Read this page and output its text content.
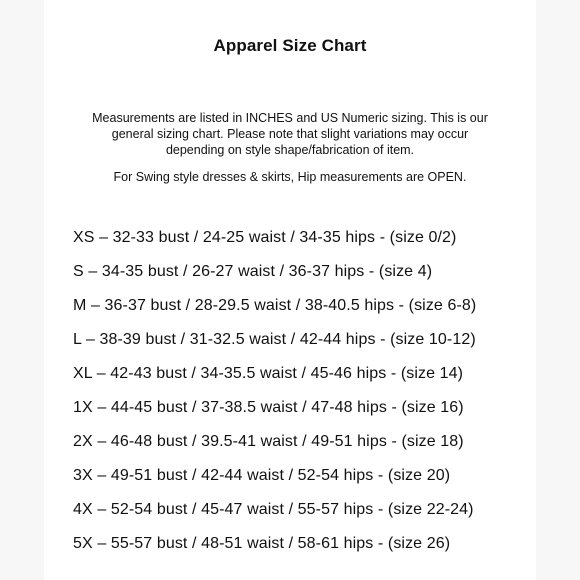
Apparel Size Chart

Measurements are listed in INCHES and US Numeric sizing. This is our

general sizing chart. Please note that slight variations may occur

depending on style shape/fabrication of item.

For Swing style dresses & skirts, Hip measurements are OPEN.
XS – 32-33 bust / 24-25 waist / 34-35 hips - (size 0/2)
S – 34-35 bust / 26-27 waist / 36-37 hips - (size 4)
M – 36-37 bust / 28-29.5 waist / 38-40.5 hips - (size 6-8)
L – 38-39 bust / 31-32.5 waist / 42-44 hips - (size 10-12)
XL – 42-43 bust / 34-35.5 waist / 45-46 hips - (size 14)
1X – 44-45 bust / 37-38.5 waist / 47-48 hips - (size 16)
2X – 46-48 bust / 39.5-41 waist / 49-51 hips - (size 18)
3X – 49-51 bust / 42-44 waist / 52-54 hips - (size 20)
4X – 52-54 bust / 45-47 waist / 55-57 hips - (size 22-24)
5X – 55-57 bust / 48-51 waist / 58-61 hips - (size 26)
